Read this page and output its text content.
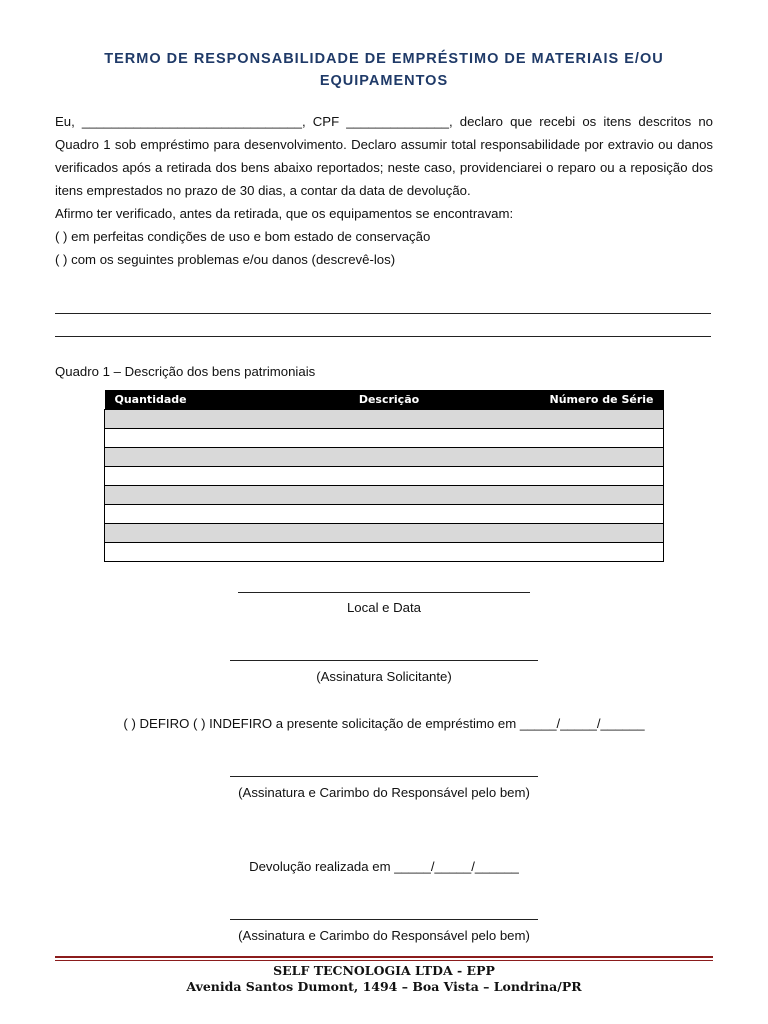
TERMO DE RESPONSABILIDADE DE EMPRÉSTIMO DE MATERIAIS E/OU
EQUIPAMENTOS
Eu, ______________________________, CPF ______________, declaro que recebi os itens descritos no Quadro 1 sob empréstimo para desenvolvimento. Declaro assumir total responsabilidade por extravio ou danos verificados após a retirada dos bens abaixo reportados; neste caso, providenciarei o reparo ou a reposição dos itens emprestados no prazo de 30 dias, a contar da data de devolução.
Afirmo ter verificado, antes da retirada, que os equipamentos se encontravam:
( ) em perfeitas condições de uso e bom estado de conservação
( ) com os seguintes problemas e/ou danos (descrevê-los)
Quadro 1 – Descrição dos bens patrimoniais
Quantidade	Descrição	Número de Série

Local e Data
(Assinatura Solicitante)
( ) DEFIRO ( ) INDEFIRO a presente solicitação de empréstimo em _____/_____/______
(Assinatura e Carimbo do Responsável pelo bem)
Devolução realizada em _____/_____/______
(Assinatura e Carimbo do Responsável pelo bem)
SELF TECNOLOGIA LTDA - EPP
Avenida Santos Dumont, 1494 – Boa Vista – Londrina/PR
